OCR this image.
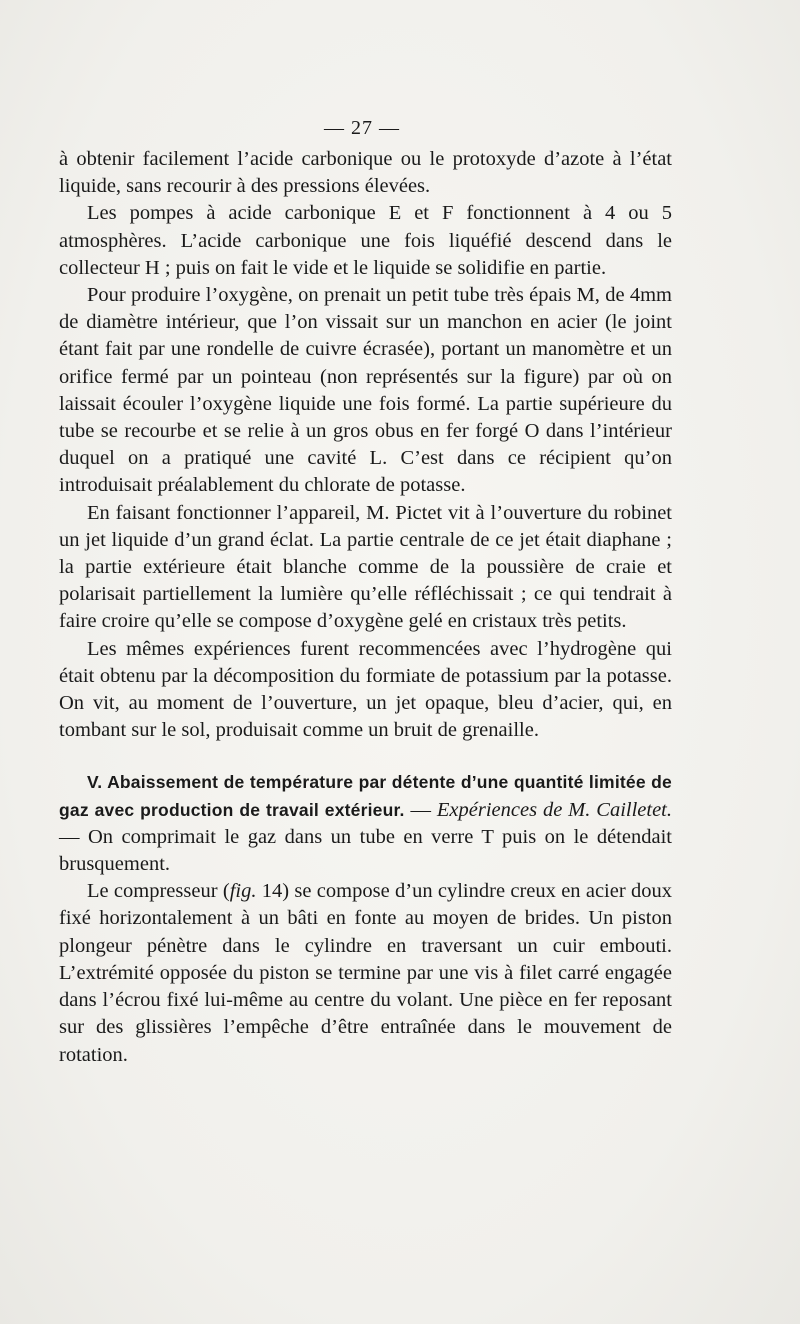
— 27 —

à obtenir facilement l’acide carbonique ou le protoxyde d’azote à l’état liquide, sans recourir à des pressions élevées.

Les pompes à acide carbonique E et F fonctionnent à 4 ou 5 atmosphères. L’acide carbonique une fois liquéfié descend dans le collecteur H ; puis on fait le vide et le liquide se solidifie en partie.

Pour produire l’oxygène, on prenait un petit tube très épais M, de 4mm de diamètre intérieur, que l’on vissait sur un manchon en acier (le joint étant fait par une rondelle de cuivre écrasée), portant un manomètre et un orifice fermé par un pointeau (non représentés sur la figure) par où on laissait écouler l’oxygène liquide une fois formé. La partie supérieure du tube se recourbe et se relie à un gros obus en fer forgé O dans l’intérieur duquel on a pratiqué une cavité L. C’est dans ce récipient qu’on introduisait préalablement du chlorate de potasse.

En faisant fonctionner l’appareil, M. Pictet vit à l’ouverture du robinet un jet liquide d’un grand éclat. La partie centrale de ce jet était diaphane ; la partie extérieure était blanche comme de la poussière de craie et polarisait partiellement la lumière qu’elle réfléchissait ; ce qui tendrait à faire croire qu’elle se compose d’oxygène gelé en cristaux très petits.

Les mêmes expériences furent recommencées avec l’hydrogène qui était obtenu par la décomposition du formiate de potassium par la potasse. On vit, au moment de l’ouverture, un jet opaque, bleu d’acier, qui, en tombant sur le sol, produisait comme un bruit de grenaille.

V. Abaissement de température par détente d’une quantité limitée de gaz avec production de travail extérieur. — Expériences de M. Cailletet. — On comprimait le gaz dans un tube en verre T puis on le détendait brusquement.

Le compresseur (fig. 14) se compose d’un cylindre creux en acier doux fixé horizontalement à un bâti en fonte au moyen de brides. Un piston plongeur pénètre dans le cylindre en traversant un cuir embouti. L’extrémité opposée du piston se termine par une vis à filet carré engagée dans l’écrou fixé lui-même au centre du volant. Une pièce en fer reposant sur des glissières l’empêche d’être entraînée dans le mouvement de rotation.
